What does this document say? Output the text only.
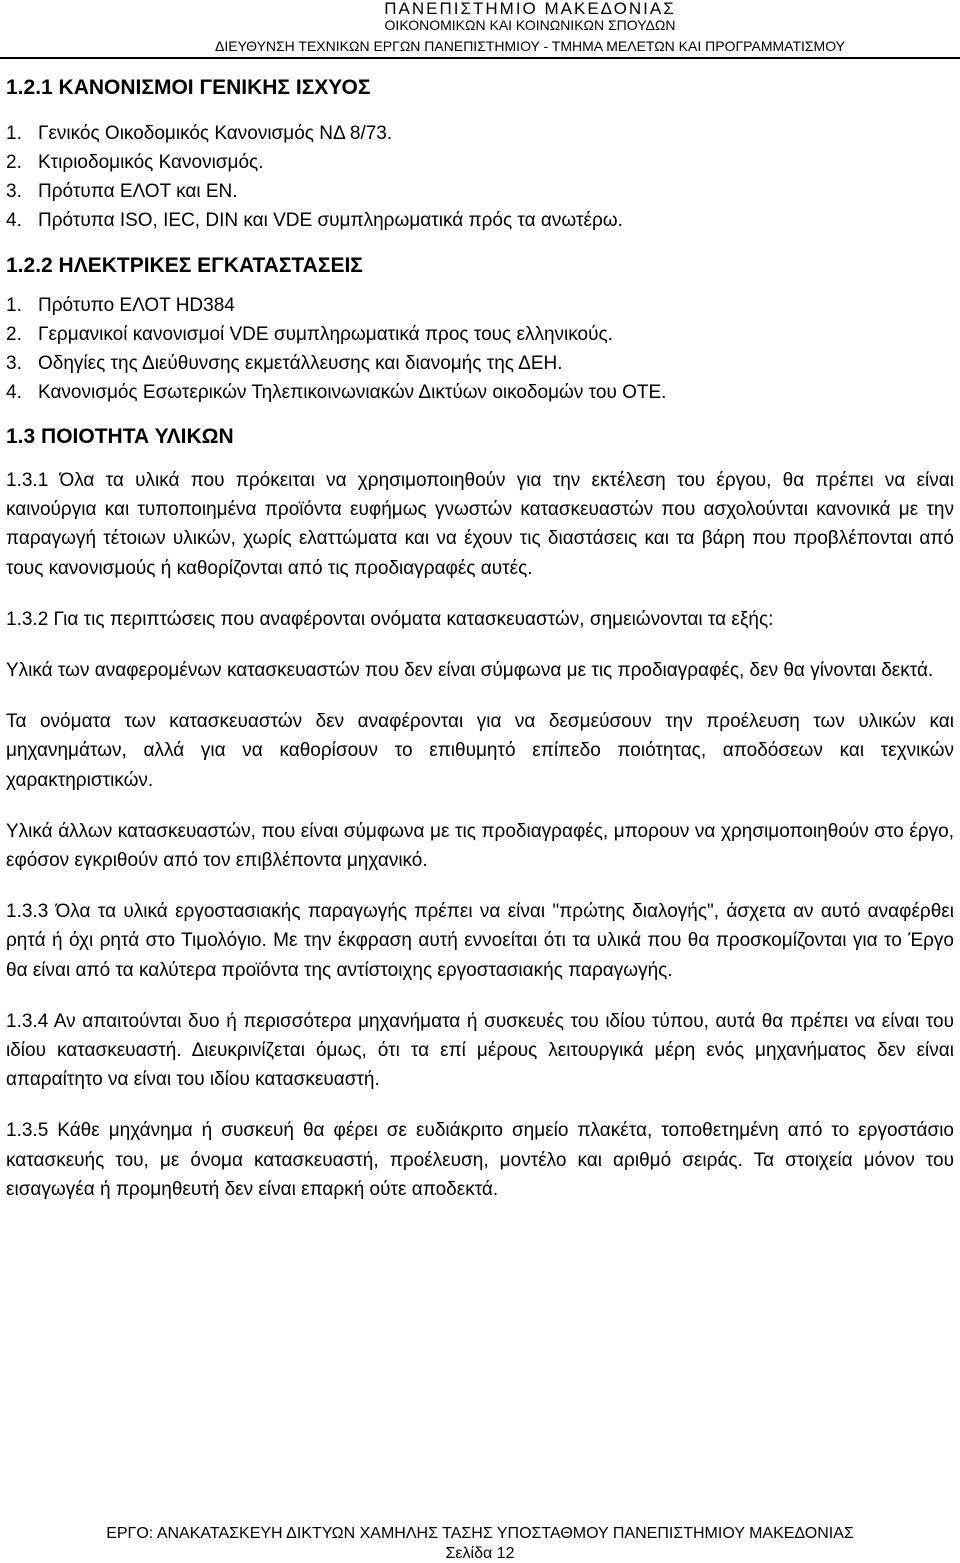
ΠΑΝΕΠΙΣΤΗΜΙΟ ΜΑΚΕΔΟΝΙΑΣ
ΟΙΚΟΝΟΜΙΚΩΝ ΚΑΙ ΚΟΙΝΩΝΙΚΩΝ ΣΠΟΥΔΩΝ
ΔΙΕΥΘΥΝΣΗ ΤΕΧΝΙΚΩΝ ΕΡΓΩΝ ΠΑΝΕΠΙΣΤΗΜΙΟΥ - ΤΜΗΜΑ ΜΕΛΕΤΩΝ ΚΑΙ ΠΡΟΓΡΑΜΜΑΤΙΣΜΟΥ
1.2.1 ΚΑΝΟΝΙΣΜΟΙ ΓΕΝΙΚΗΣ ΙΣΧΥΟΣ
1. Γενικός Οικοδομικός Κανονισμός ΝΔ 8/73.
2. Κτιριοδομικός Κανονισμός.
3. Πρότυπα ΕΛΟΤ και ΕΝ.
4. Πρότυπα ISO, IEC, DIN και VDE συμπληρωματικά πρός τα ανωτέρω.
1.2.2 ΗΛΕΚΤΡΙΚΕΣ ΕΓΚΑΤΑΣΤΑΣΕΙΣ
1. Πρότυπο ΕΛΟΤ HD384
2. Γερμανικοί κανονισμοί VDE συμπληρωματικά προς τους ελληνικούς.
3. Οδηγίες της Διεύθυνσης εκμετάλλευσης και διανομής της ΔΕΗ.
4. Κανονισμός Εσωτερικών Τηλεπικοινωνιακών Δικτύων οικοδομών του ΟΤΕ.
1.3 ΠΟΙΟΤΗΤΑ ΥΛΙΚΩΝ

1.3.1 Όλα τα υλικά που πρόκειται να χρησιμοποιηθούν για την εκτέλεση του έργου, θα πρέπει να είναι καινούργια και τυποποιημένα προϊόντα ευφήμως γνωστών κατασκευαστών που ασχολούνται κανονικά με την παραγωγή τέτοιων υλικών, χωρίς ελαττώματα και να έχουν τις διαστάσεις και τα βάρη που προβλέπονται από τους κανονισμούς ή καθορίζονται από τις προδιαγραφές αυτές.

1.3.2 Για τις περιπτώσεις που αναφέρονται ονόματα κατασκευαστών, σημειώνονται τα εξής:

Υλικά των αναφερομένων κατασκευαστών που δεν είναι σύμφωνα με τις προδιαγραφές, δεν θα γίνονται δεκτά.

Τα ονόματα των κατασκευαστών δεν αναφέρονται για να δεσμεύσουν την προέλευση των υλικών και μηχανημάτων, αλλά για να καθορίσουν το επιθυμητό επίπεδο ποιότητας, αποδόσεων και τεχνικών χαρακτηριστικών.

Υλικά άλλων κατασκευαστών, που είναι σύμφωνα με τις προδιαγραφές, μπορουν να χρησιμοποιηθούν στο έργο, εφόσον εγκριθούν από τον επιβλέποντα μηχανικό.

1.3.3 Όλα τα υλικά εργοστασιακής παραγωγής πρέπει να είναι "πρώτης διαλογής", άσχετα αν αυτό αναφέρθει ρητά ή όχι ρητά στο Τιμολόγιο. Με την έκφραση αυτή εννοείται ότι τα υλικά που θα προσκομίζονται για το Έργο θα είναι από τα καλύτερα προϊόντα της αντίστοιχης εργοστασιακής παραγωγής.

1.3.4 Αν απαιτούνται δυο ή περισσότερα μηχανήματα ή συσκευές του ιδίου τύπου, αυτά θα πρέπει να είναι του ιδίου κατασκευαστή. Διευκρινίζεται όμως, ότι τα επί μέρους λειτουργικά μέρη ενός μηχανήματος δεν είναι απαραίτητο να είναι του ιδίου κατασκευαστή.

1.3.5 Κάθε μηχάνημα ή συσκευή θα φέρει σε ευδιάκριτο σημείο πλακέτα, τοποθετημένη από το εργοστάσιο κατασκευής του, με όνομα κατασκευαστή, προέλευση, μοντέλο και αριθμό σειράς. Τα στοιχεία μόνον του εισαγωγέα ή προμηθευτή δεν είναι επαρκή ούτε αποδεκτά.

ΕΡΓΟ: ΑΝΑΚΑΤΑΣΚΕΥΗ ΔΙΚΤΥΩΝ ΧΑΜΗΛΗΣ ΤΑΣΗΣ ΥΠΟΣΤΑΘΜΟΥ ΠΑΝΕΠΙΣΤΗΜΙΟΥ ΜΑΚΕΔΟΝΙΑΣ
Σελίδα 12
